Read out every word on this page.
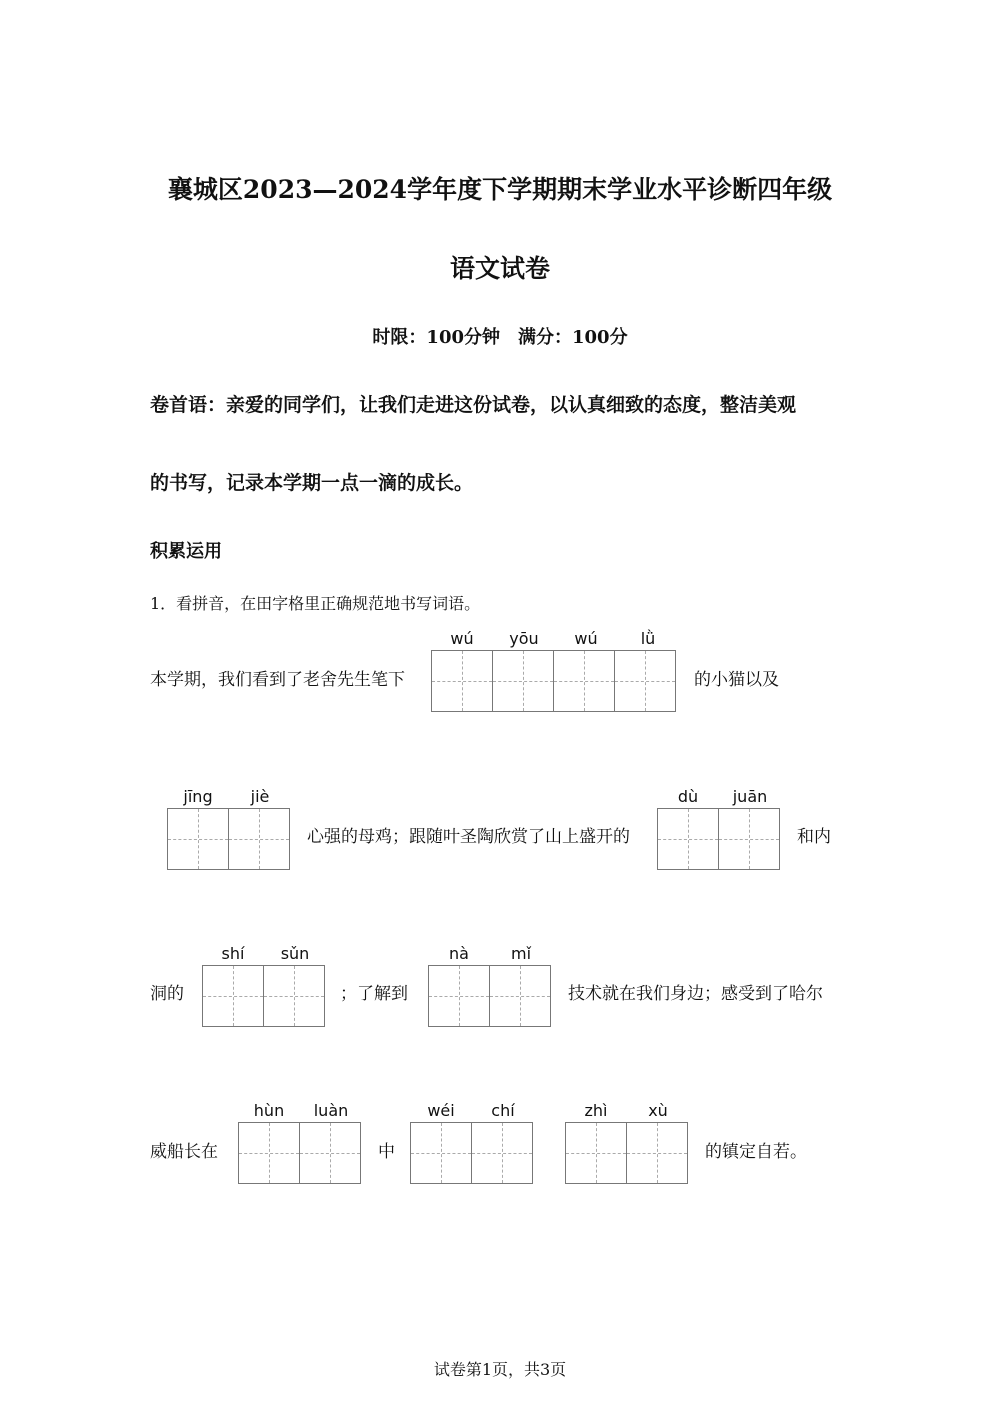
襄城区2023—2024学年度下学期期末学业水平诊断四年级
语文试卷
时限：100分钟　满分：100分
卷首语：亲爱的同学们，让我们走进这份试卷，以认真细致的态度，整洁美观
的书写，记录本学期一点一滴的成长。
积累运用
1．看拼音，在田字格里正确规范地书写词语。
本学期，我们看到了老舍先生笔下
wú	yōu	wú	lǜ
的小猫以及
jīng	jiè
心强的母鸡；跟随叶圣陶欣赏了山上盛开的
dù	juān
和内
洞的
shí	sǔn
；了解到
nà	mǐ
技术就在我们身边；感受到了哈尔
威船长在
hùn	luàn
中
wéi	chí	zhì	xù
的镇定自若。
试卷第1页，共3页
